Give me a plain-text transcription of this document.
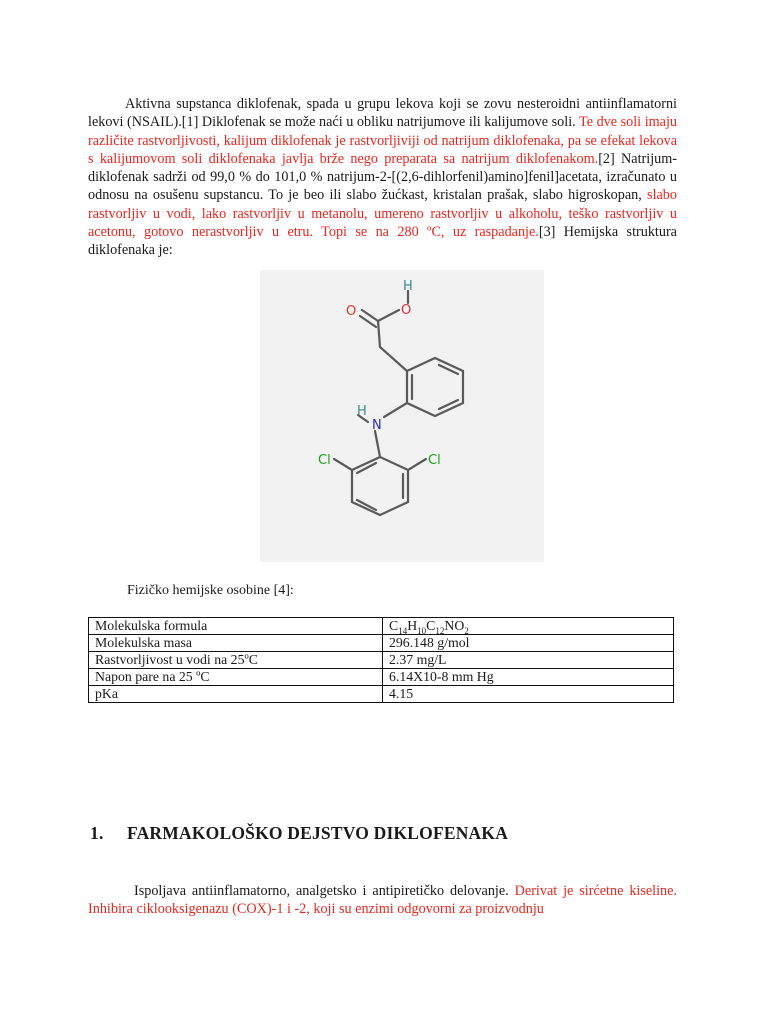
Aktivna supstanca diklofenak, spada u grupu lekova koji se zovu nesteroidni antiinflamatorni lekovi (NSAIL).[1] Diklofenak se može naći u obliku natrijumove ili kalijumove soli. Te dve soli imaju različite rastvorljivosti, kalijum diklofenak je rastvorljiviji od natrijum diklofenaka, pa se efekat lekova s kalijumovom soli diklofenaka javlja brže nego preparata sa natrijum diklofenakom.[2] Natrijum-diklofenak sadrži od 99,0 % do 101,0 % natrijum-2-[(2,6-dihlorfenil)amino]fenil]acetata, izračunato u odnosu na osušenu supstancu. To je beo ili slabo žućkast, kristalan prašak, slabo higroskopan, slabo rastvorljiv u vodi, lako rastvorljiv u metanolu, umereno rastvorljiv u alkoholu, teško rastvorljiv u acetonu, gotovo nerastvorljiv u etru. Topi se na 280 ºC, uz raspadanje.[3] Hemijska struktura diklofenaka je:
H
O	O
H
N
Cl	Cl
Fizičko hemijske osobine [4]:
Molekulska formula	$C_{14}H_{10}C_{12}NO_2$
Molekulska masa	296.148 g/mol
Rastvorljivost u vodi na 25ºC	2.37 mg/L
Napon pare na 25 ºC	6.14X10-8 mm Hg
pKa	4.15
1. FARMAKOLOŠKO DEJSTVO DIKLOFENAKA
Ispoljava antiinflamatorno, analgetsko i antipiretičko delovanje. Derivat je sirćetne kiseline. Inhibira ciklooksigenazu (COX)-1 i -2, koji su enzimi odgovorni za proizvodnju
